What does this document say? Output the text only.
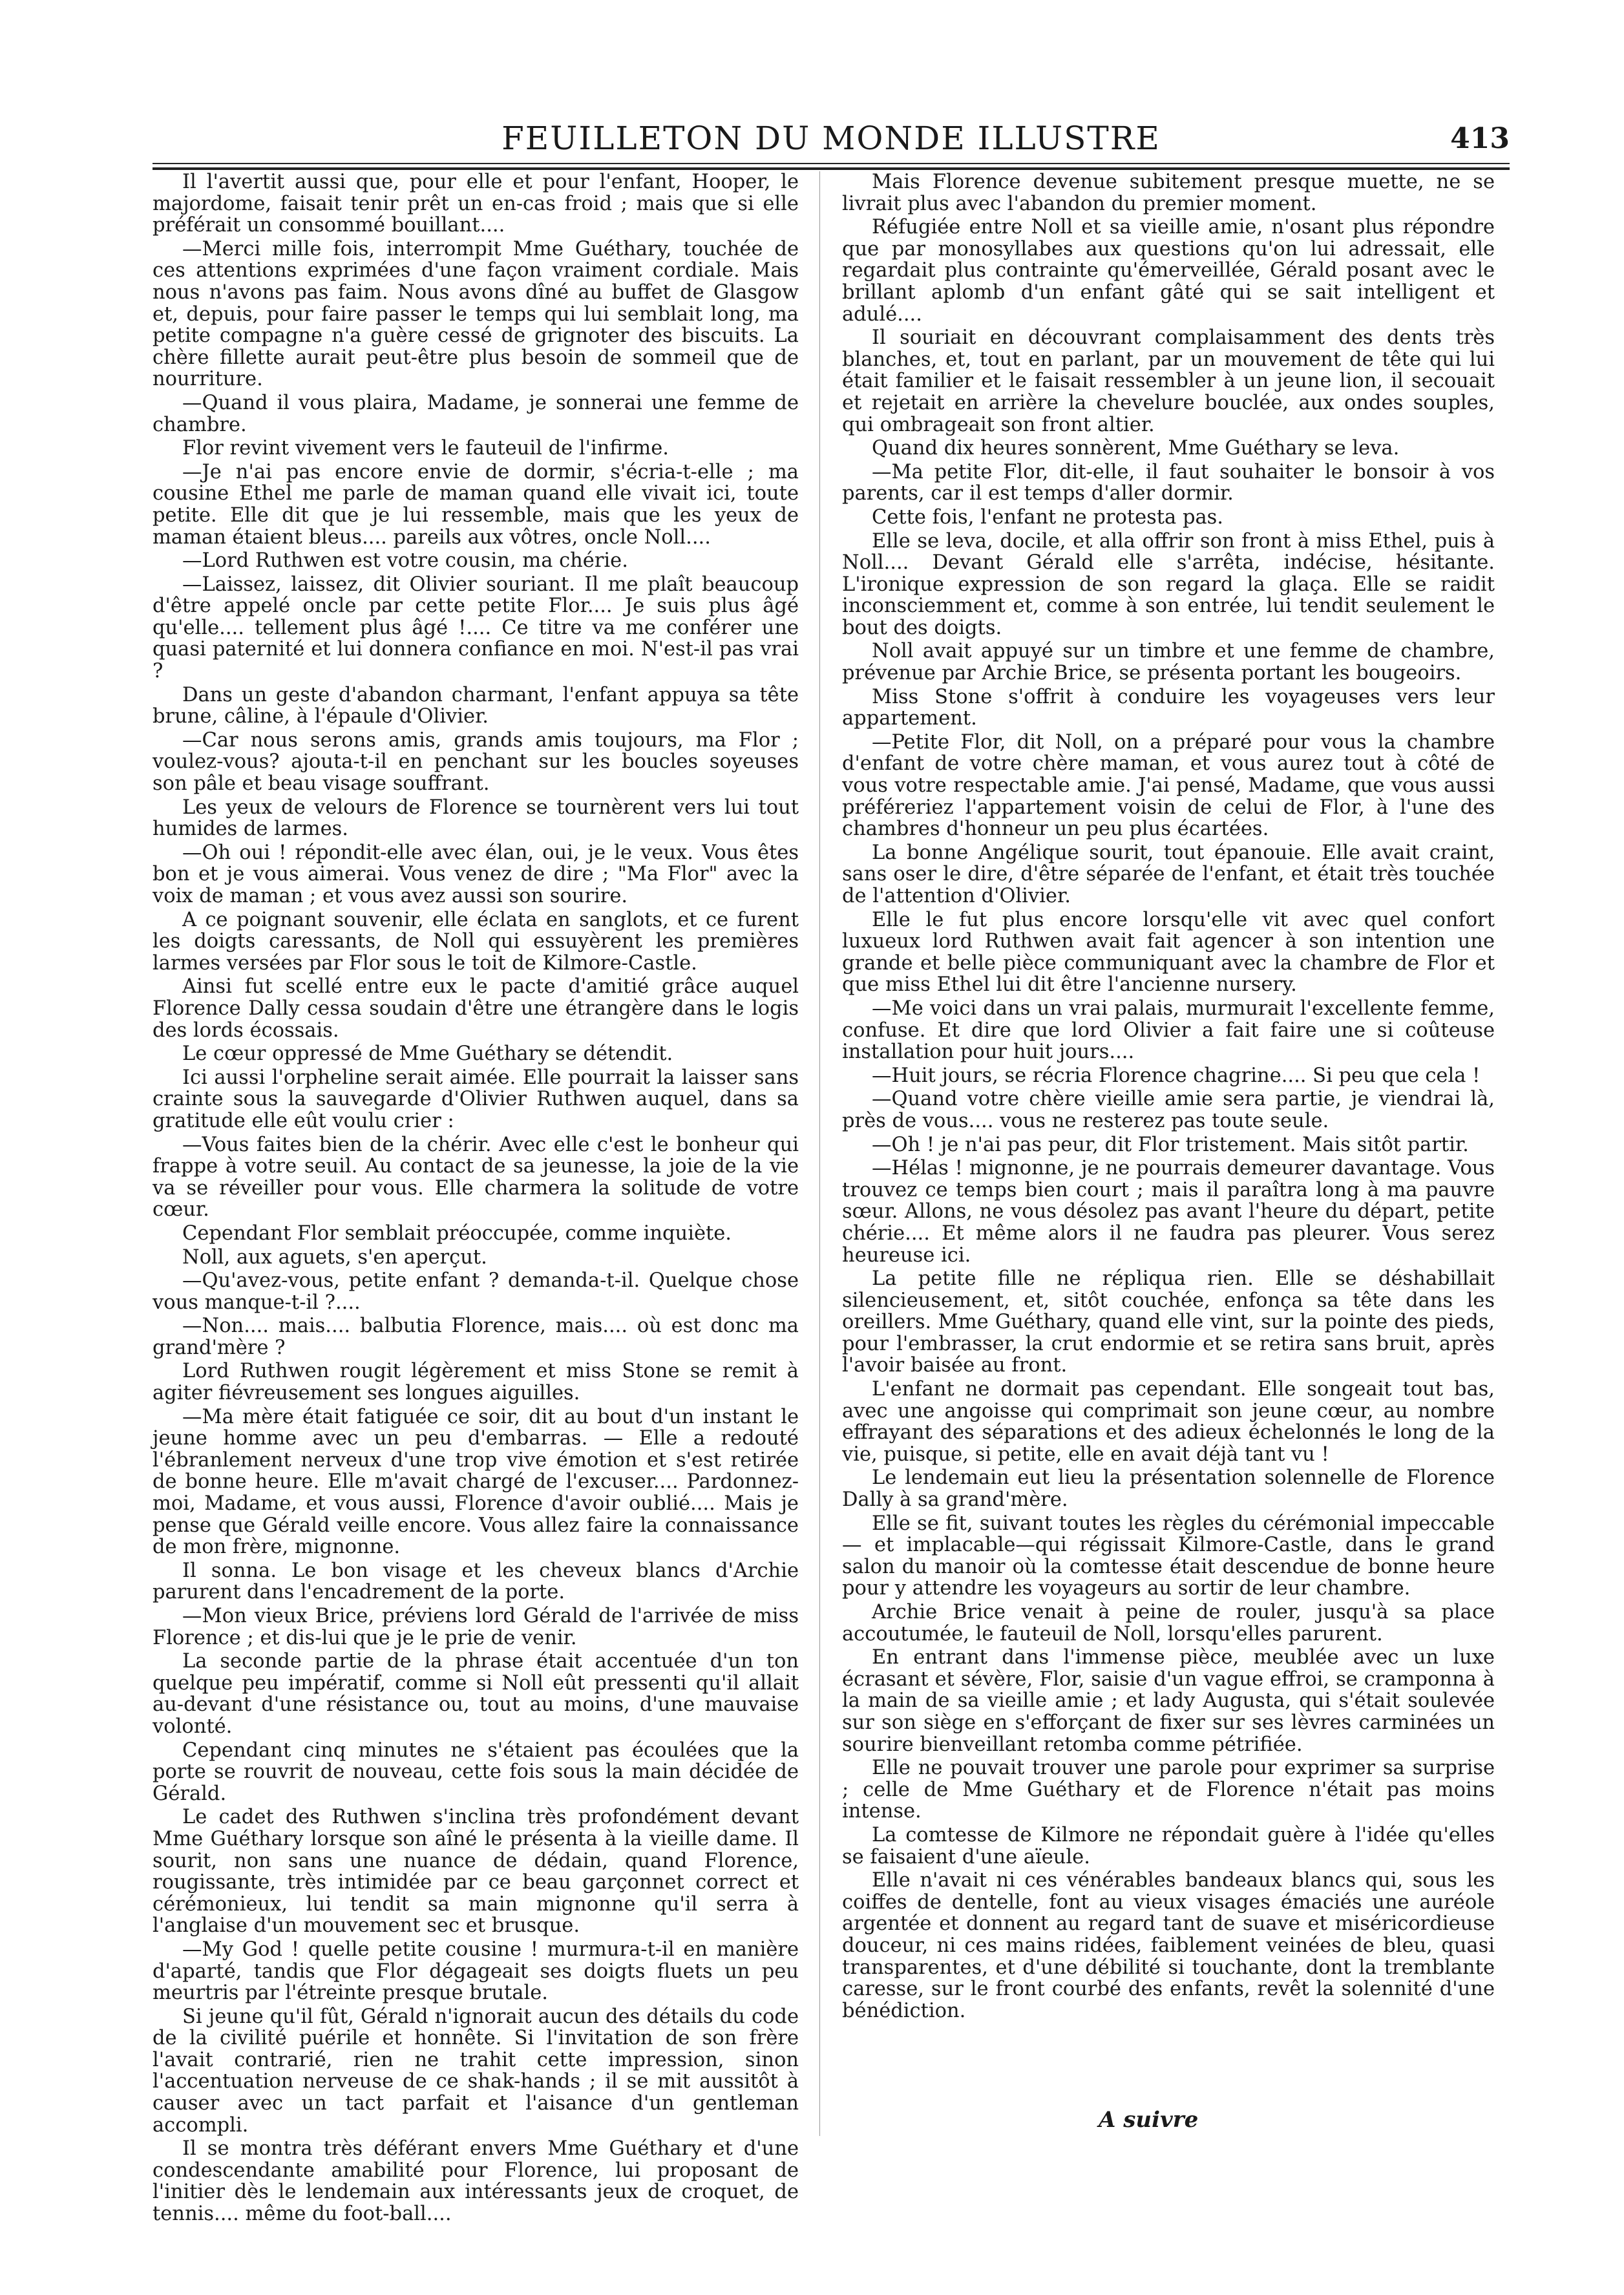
FEUILLETON DU MONDE ILLUSTRE	413

Il l'avertit aussi que, pour elle et pour l'enfant, Hooper, le majordome, faisait tenir prêt un en-cas froid ; mais que si elle préférait un consommé bouillant....

—Merci mille fois, interrompit Mme Guéthary, touchée de ces attentions exprimées d'une façon vraiment cordiale. Mais nous n'avons pas faim. Nous avons dîné au buffet de Glasgow et, depuis, pour faire passer le temps qui lui semblait long, ma petite compagne n'a guère cessé de grignoter des biscuits. La chère fillette aurait peut-être plus besoin de sommeil que de nourriture.

—Quand il vous plaira, Madame, je sonnerai une femme de chambre.

Flor revint vivement vers le fauteuil de l'infirme.

—Je n'ai pas encore envie de dormir, s'écria-t-elle ; ma cousine Ethel me parle de maman quand elle vivait ici, toute petite. Elle dit que je lui ressemble, mais que les yeux de maman étaient bleus.... pareils aux vôtres, oncle Noll....

—Lord Ruthwen est votre cousin, ma chérie.

—Laissez, laissez, dit Olivier souriant. Il me plaît beaucoup d'être appelé oncle par cette petite Flor.... Je suis plus âgé qu'elle.... tellement plus âgé !.... Ce titre va me conférer une quasi paternité et lui donnera confiance en moi. N'est-il pas vrai ?

Dans un geste d'abandon charmant, l'enfant appuya sa tête brune, câline, à l'épaule d'Olivier.

—Car nous serons amis, grands amis toujours, ma Flor ; voulez-vous? ajouta-t-il en penchant sur les boucles soyeuses son pâle et beau visage souffrant.

Les yeux de velours de Florence se tournèrent vers lui tout humides de larmes.

—Oh oui ! répondit-elle avec élan, oui, je le veux. Vous êtes bon et je vous aimerai. Vous venez de dire ; "Ma Flor" avec la voix de maman ; et vous avez aussi son sourire.

A ce poignant souvenir, elle éclata en sanglots, et ce furent les doigts caressants, de Noll qui essuyèrent les premières larmes versées par Flor sous le toit de Kilmore-Castle.

Ainsi fut scellé entre eux le pacte d'amitié grâce auquel Florence Dally cessa soudain d'être une étrangère dans le logis des lords écossais.

Le cœur oppressé de Mme Guéthary se détendit.

Ici aussi l'orpheline serait aimée. Elle pourrait la laisser sans crainte sous la sauvegarde d'Olivier Ruthwen auquel, dans sa gratitude elle eût voulu crier :

—Vous faites bien de la chérir. Avec elle c'est le bonheur qui frappe à votre seuil. Au contact de sa jeunesse, la joie de la vie va se réveiller pour vous. Elle charmera la solitude de votre cœur.

Cependant Flor semblait préoccupée, comme inquiète.

Noll, aux aguets, s'en aperçut.

—Qu'avez-vous, petite enfant ? demanda-t-il. Quelque chose vous manque-t-il ?....

—Non.... mais.... balbutia Florence, mais.... où est donc ma grand'mère ?

Lord Ruthwen rougit légèrement et miss Stone se remit à agiter fiévreusement ses longues aiguilles.

—Ma mère était fatiguée ce soir, dit au bout d'un instant le jeune homme avec un peu d'embarras. — Elle a redouté l'ébranlement nerveux d'une trop vive émotion et s'est retirée de bonne heure. Elle m'avait chargé de l'excuser.... Pardonnez-moi, Madame, et vous aussi, Florence d'avoir oublié.... Mais je pense que Gérald veille encore. Vous allez faire la connaissance de mon frère, mignonne.

Il sonna. Le bon visage et les cheveux blancs d'Archie parurent dans l'encadrement de la porte.

—Mon vieux Brice, préviens lord Gérald de l'arrivée de miss Florence ; et dis-lui que je le prie de venir.

La seconde partie de la phrase était accentuée d'un ton quelque peu impératif, comme si Noll eût pressenti qu'il allait au-devant d'une résistance ou, tout au moins, d'une mauvaise volonté.

Cependant cinq minutes ne s'étaient pas écoulées que la porte se rouvrit de nouveau, cette fois sous la main décidée de Gérald.

Le cadet des Ruthwen s'inclina très profondément devant Mme Guéthary lorsque son aîné le présenta à la vieille dame. Il sourit, non sans une nuance de dédain, quand Florence, rougissante, très intimidée par ce beau garçonnet correct et cérémonieux, lui tendit sa main mignonne qu'il serra à l'anglaise d'un mouvement sec et brusque.

—My God ! quelle petite cousine ! murmura-t-il en manière d'aparté, tandis que Flor dégageait ses doigts fluets un peu meurtris par l'étreinte presque brutale.

Si jeune qu'il fût, Gérald n'ignorait aucun des détails du code de la civilité puérile et honnête. Si l'invitation de son frère l'avait contrarié, rien ne trahit cette impression, sinon l'accentuation nerveuse de ce shak-hands ; il se mit aussitôt à causer avec un tact parfait et l'aisance d'un gentleman accompli.

Il se montra très déférant envers Mme Guéthary et d'une condescendante amabilité pour Florence, lui proposant de l'initier dès le lendemain aux intéressants jeux de croquet, de tennis.... même du foot-ball....

Mais Florence devenue subitement presque muette, ne se livrait plus avec l'abandon du premier moment.

Réfugiée entre Noll et sa vieille amie, n'osant plus répondre que par monosyllabes aux questions qu'on lui adressait, elle regardait plus contrainte qu'émerveillée, Gérald posant avec le brillant aplomb d'un enfant gâté qui se sait intelligent et adulé....

Il souriait en découvrant complaisamment des dents très blanches, et, tout en parlant, par un mouvement de tête qui lui était familier et le faisait ressembler à un jeune lion, il secouait et rejetait en arrière la chevelure bouclée, aux ondes souples, qui ombrageait son front altier.

Quand dix heures sonnèrent, Mme Guéthary se leva.

—Ma petite Flor, dit-elle, il faut souhaiter le bonsoir à vos parents, car il est temps d'aller dormir.

Cette fois, l'enfant ne protesta pas.

Elle se leva, docile, et alla offrir son front à miss Ethel, puis à Noll.... Devant Gérald elle s'arrêta, indécise, hésitante. L'ironique expression de son regard la glaça. Elle se raidit inconsciemment et, comme à son entrée, lui tendit seulement le bout des doigts.

Noll avait appuyé sur un timbre et une femme de chambre, prévenue par Archie Brice, se présenta portant les bougeoirs.

Miss Stone s'offrit à conduire les voyageuses vers leur appartement.

—Petite Flor, dit Noll, on a préparé pour vous la chambre d'enfant de votre chère maman, et vous aurez tout à côté de vous votre respectable amie. J'ai pensé, Madame, que vous aussi préféreriez l'appartement voisin de celui de Flor, à l'une des chambres d'honneur un peu plus écartées.

La bonne Angélique sourit, tout épanouie. Elle avait craint, sans oser le dire, d'être séparée de l'enfant, et était très touchée de l'attention d'Olivier.

Elle le fut plus encore lorsqu'elle vit avec quel confort luxueux lord Ruthwen avait fait agencer à son intention une grande et belle pièce communiquant avec la chambre de Flor et que miss Ethel lui dit être l'ancienne nursery.

—Me voici dans un vrai palais, murmurait l'excellente femme, confuse. Et dire que lord Olivier a fait faire une si coûteuse installation pour huit jours....

—Huit jours, se récria Florence chagrine.... Si peu que cela !

—Quand votre chère vieille amie sera partie, je viendrai là, près de vous.... vous ne resterez pas toute seule.

—Oh ! je n'ai pas peur, dit Flor tristement. Mais sitôt partir.

—Hélas ! mignonne, je ne pourrais demeurer davantage. Vous trouvez ce temps bien court ; mais il paraîtra long à ma pauvre sœur. Allons, ne vous désolez pas avant l'heure du départ, petite chérie.... Et même alors il ne faudra pas pleurer. Vous serez heureuse ici.

La petite fille ne répliqua rien. Elle se déshabillait silencieusement, et, sitôt couchée, enfonça sa tête dans les oreillers. Mme Guéthary, quand elle vint, sur la pointe des pieds, pour l'embrasser, la crut endormie et se retira sans bruit, après l'avoir baisée au front.

L'enfant ne dormait pas cependant. Elle songeait tout bas, avec une angoisse qui comprimait son jeune cœur, au nombre effrayant des séparations et des adieux échelonnés le long de la vie, puisque, si petite, elle en avait déjà tant vu !

Le lendemain eut lieu la présentation solennelle de Florence Dally à sa grand'mère.

Elle se fit, suivant toutes les règles du cérémonial impeccable— et implacable—qui régissait Kilmore-Castle, dans le grand salon du manoir où la comtesse était descendue de bonne heure pour y attendre les voyageurs au sortir de leur chambre.

Archie Brice venait à peine de rouler, jusqu'à sa place accoutumée, le fauteuil de Noll, lorsqu'elles parurent.

En entrant dans l'immense pièce, meublée avec un luxe écrasant et sévère, Flor, saisie d'un vague effroi, se cramponna à la main de sa vieille amie ; et lady Augusta, qui s'était soulevée sur son siège en s'efforçant de fixer sur ses lèvres carminées un sourire bienveillant retomba comme pétrifiée.

Elle ne pouvait trouver une parole pour exprimer sa surprise ; celle de Mme Guéthary et de Florence n'était pas moins intense.

La comtesse de Kilmore ne répondait guère à l'idée qu'elles se faisaient d'une aïeule.

Elle n'avait ni ces vénérables bandeaux blancs qui, sous les coiffes de dentelle, font au vieux visages émaciés une auréole argentée et donnent au regard tant de suave et miséricordieuse douceur, ni ces mains ridées, faiblement veinées de bleu, quasi transparentes, et d'une débilité si touchante, dont la tremblante caresse, sur le front courbé des enfants, revêt la solennité d'une bénédiction.

A suivre
